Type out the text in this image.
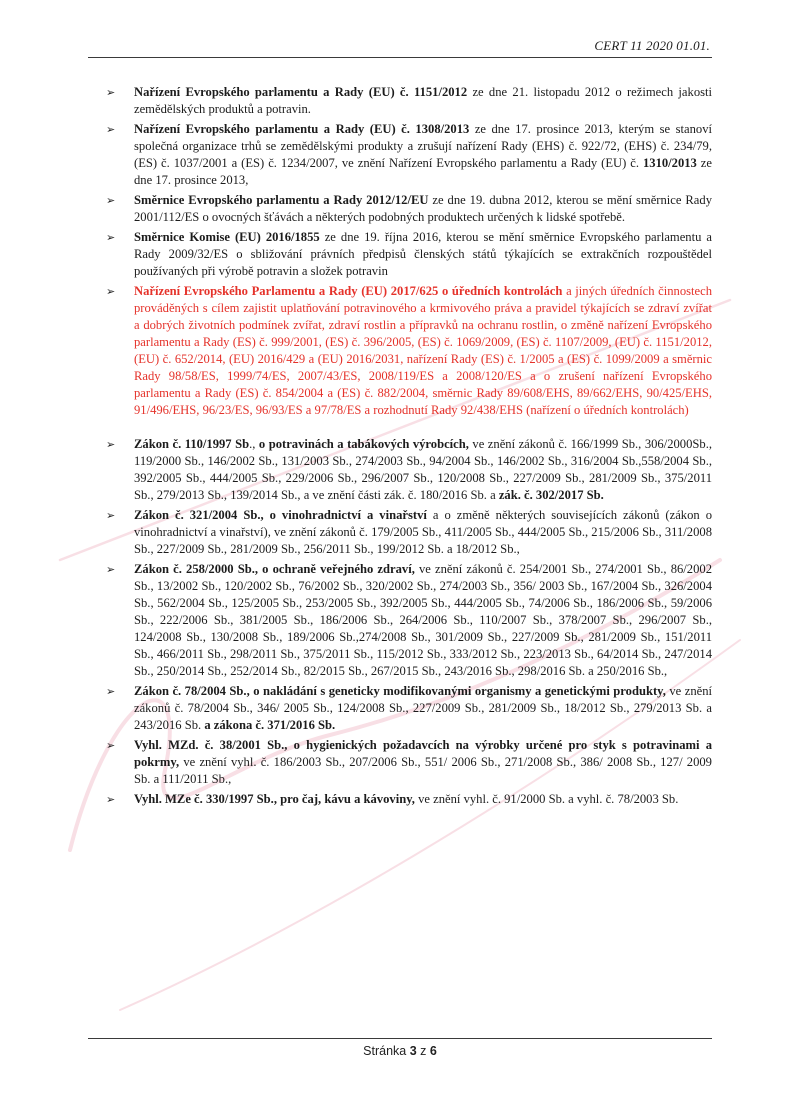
CERT 11 2020 01.01.
➢	Nařízení Evropského parlamentu a Rady (EU) č. 1151/2012 ze dne 21. listopadu 2012 o režimech jakosti zemědělských produktů a potravin.
➢	Nařízení Evropského parlamentu a Rady (EU) č. 1308/2013 ze dne 17. prosince 2013, kterým se stanoví společná organizace trhů se zemědělskými produkty a zrušují nařízení Rady (EHS) č. 922/72, (EHS) č. 234/79, (ES) č. 1037/2001 a (ES) č. 1234/2007, ve znění Nařízení Evropského parlamentu a Rady (EU) č. 1310/2013 ze dne 17. prosince 2013,
➢	Směrnice Evropského parlamentu a Rady 2012/12/EU ze dne 19. dubna 2012, kterou se mění směrnice Rady 2001/112/ES o ovocných šťávách a některých podobných produktech určených k lidské spotřebě.
➢	Směrnice Komise (EU) 2016/1855 ze dne 19. října 2016, kterou se mění směrnice Evropského parlamentu a Rady 2009/32/ES o sbližování právních předpisů členských států týkajících se extrakčních rozpouštědel používaných při výrobě potravin a složek potravin
➢	Nařízení Evropského Parlamentu a Rady (EU) 2017/625 o úředních kontrolách a jiných úředních činnostech prováděných s cílem zajistit uplatňování potravinového a krmivového práva a pravidel týkajících se zdraví zvířat a dobrých životních podmínek zvířat, zdraví rostlin a přípravků na ochranu rostlin, o změně nařízení Evropského parlamentu a Rady (ES) č. 999/2001, (ES) č. 396/2005, (ES) č. 1069/2009, (ES) č. 1107/2009, (EU) č. 1151/2012, (EU) č. 652/2014, (EU) 2016/429 a (EU) 2016/2031, nařízení Rady (ES) č. 1/2005 a (ES) č. 1099/2009 a směrnic Rady 98/58/ES, 1999/74/ES, 2007/43/ES, 2008/119/ES a 2008/120/ES a o zrušení nařízení Evropského parlamentu a Rady (ES) č. 854/2004 a (ES) č. 882/2004, směrnic Rady 89/608/EHS, 89/662/EHS, 90/425/EHS, 91/496/EHS, 96/23/ES, 96/93/ES a 97/78/ES a rozhodnutí Rady 92/438/EHS (nařízení o úředních kontrolách)
➢	Zákon č. 110/1997 Sb., o potravinách a tabákových výrobcích, ve znění zákonů č. 166/1999 Sb., 306/2000Sb., 119/2000 Sb., 146/2002 Sb., 131/2003 Sb., 274/2003 Sb., 94/2004 Sb., 146/2002 Sb., 316/2004 Sb.,558/2004 Sb., 392/2005 Sb., 444/2005 Sb., 229/2006 Sb., 296/2007 Sb., 120/2008 Sb., 227/2009 Sb., 281/2009 Sb., 375/2011 Sb., 279/2013 Sb., 139/2014 Sb., a ve znění části zák. č. 180/2016 Sb. a zák. č. 302/2017 Sb.
➢	Zákon č. 321/2004 Sb., o vinohradnictví a vinařství a o změně některých souvisejících zákonů (zákon o vinohradnictví a vinařství), ve znění zákonů č. 179/2005 Sb., 411/2005 Sb., 444/2005 Sb., 215/2006 Sb., 311/2008 Sb., 227/2009 Sb., 281/2009 Sb., 256/2011 Sb., 199/2012 Sb. a 18/2012 Sb.,
➢	Zákon č. 258/2000 Sb., o ochraně veřejného zdraví, ve znění zákonů č. 254/2001 Sb., 274/2001 Sb., 86/2002 Sb., 13/2002 Sb., 120/2002 Sb., 76/2002 Sb., 320/2002 Sb., 274/2003 Sb., 356/ 2003 Sb., 167/2004 Sb., 326/2004 Sb., 562/2004 Sb., 125/2005 Sb., 253/2005 Sb., 392/2005 Sb., 444/2005 Sb., 74/2006 Sb., 186/2006 Sb., 59/2006 Sb., 222/2006 Sb., 381/2005 Sb., 186/2006 Sb., 264/2006 Sb., 110/2007 Sb., 378/2007 Sb., 296/2007 Sb., 124/2008 Sb., 130/2008 Sb., 189/2006 Sb.,274/2008 Sb., 301/2009 Sb., 227/2009 Sb., 281/2009 Sb., 151/2011 Sb., 466/2011 Sb., 298/2011 Sb., 375/2011 Sb., 115/2012 Sb., 333/2012 Sb., 223/2013 Sb., 64/2014 Sb., 247/2014 Sb., 250/2014 Sb., 252/2014 Sb., 82/2015 Sb., 267/2015 Sb., 243/2016 Sb., 298/2016 Sb. a 250/2016 Sb.,
➢	Zákon č. 78/2004 Sb., o nakládání s geneticky modifikovanými organismy a genetickými produkty, ve znění zákonů č. 78/2004 Sb., 346/ 2005 Sb., 124/2008 Sb., 227/2009 Sb., 281/2009 Sb., 18/2012 Sb., 279/2013 Sb. a 243/2016 Sb. a zákona č. 371/2016 Sb.
➢	Vyhl. MZd. č. 38/2001 Sb., o hygienických požadavcích na výrobky určené pro styk s potravinami a pokrmy, ve znění vyhl. č. 186/2003 Sb., 207/2006 Sb., 551/ 2006 Sb., 271/2008 Sb., 386/ 2008 Sb., 127/ 2009 Sb. a 111/2011 Sb.,
➢	Vyhl. MZe č. 330/1997 Sb., pro čaj, kávu a kávoviny, ve znění vyhl. č. 91/2000 Sb. a vyhl. č. 78/2003 Sb.
Stránka 3 z 6
